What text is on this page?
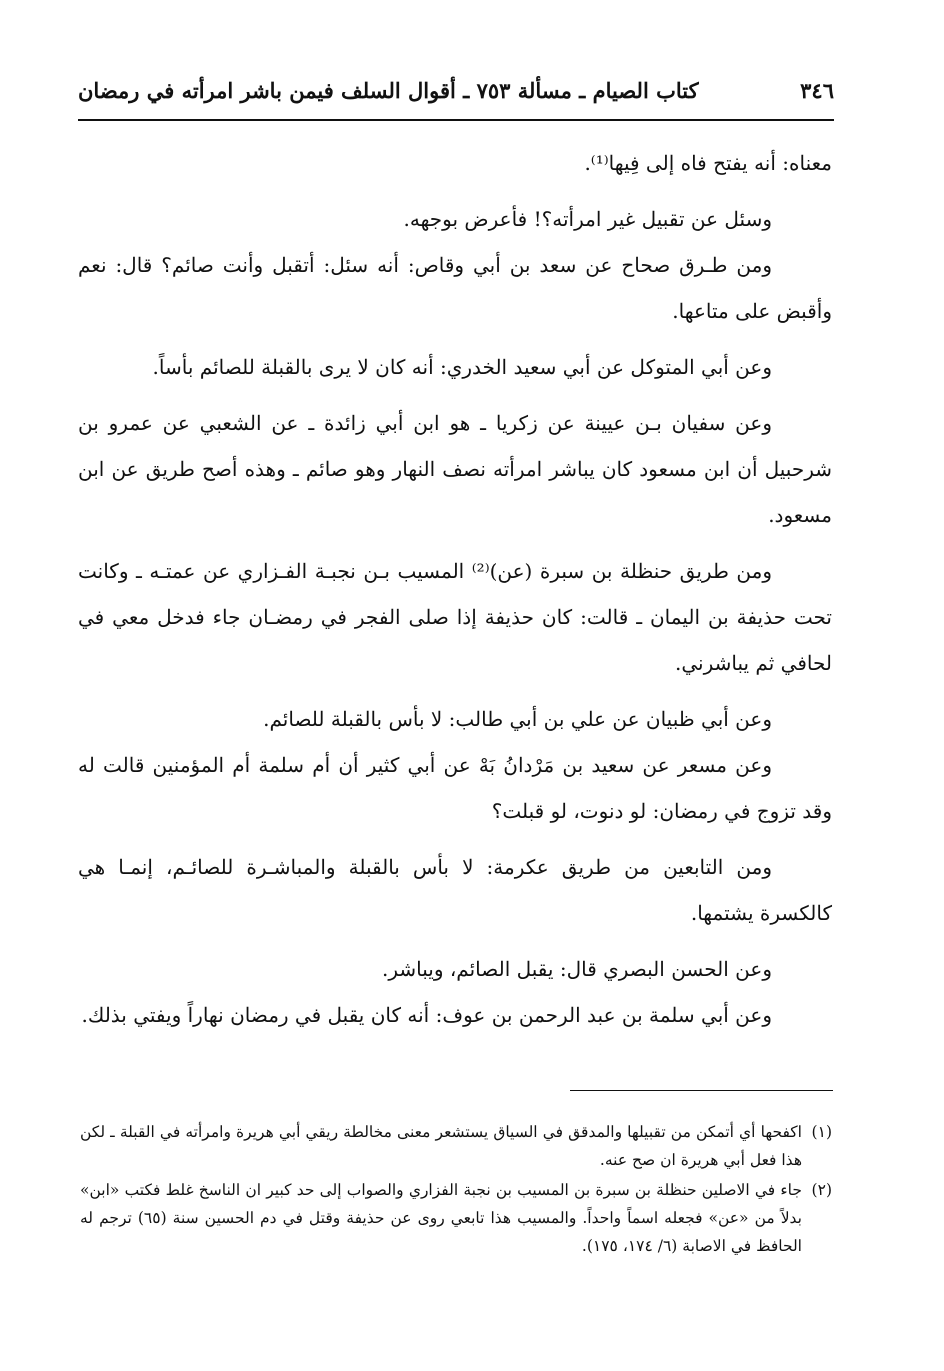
٣٤٦
كتاب الصيام ـ مسألة ٧٥٣ ـ أقوال السلف فيمن باشر امرأته في رمضان

معناه: أنه يفتح فاه إلى فِيها⁽¹⁾.

وسئل عن تقبيل غير امرأته؟! فأعرض بوجهه.

ومن طـرق صحاح عن سعد بن أبي وقاص: أنه سئل: أتقبل وأنت صائم؟ قال: نعم وأقبض على متاعها.

وعن أبي المتوكل عن أبي سعيد الخدري: أنه كان لا يرى بالقبلة للصائم بأساً.

وعن سفيان بـن عيينة عن زكريا ـ هو ابن أبي زائدة ـ عن الشعبي عن عمرو بن شرحبيل أن ابن مسعود كان يباشر امرأته نصف النهار وهو صائم ـ وهذه أصح طريق عن ابن مسعود.

ومن طريق حنظلة بن سبرة (عن)⁽²⁾ المسيب بـن نجبـة الفـزاري عن عمتـه ـ وكانت تحت حذيفة بن اليمان ـ قالت: كان حذيفة إذا صلى الفجر في رمضـان جاء فدخل معي في لحافي ثم يباشرني.

وعن أبي ظبيان عن علي بن أبي طالب: لا بأس بالقبلة للصائم.

وعن مسعر عن سعيد بن مَرْدانُ بَهْ عن أبي كثير أن أم سلمة أم المؤمنين قالت له وقد تزوج في رمضان: لو دنوت، لو قبلت؟

ومن التابعين من طريق عكرمة: لا بأس بالقبلة والمباشـرة للصائـم، إنمـا هي كالكسرة يشتمها.

وعن الحسن البصري قال: يقبل الصائم، ويباشر.

وعن أبي سلمة بن عبد الرحمن بن عوف: أنه كان يقبل في رمضان نهاراً ويفتي بذلك.

(١)
اكفحها أي أتمكن من تقبيلها والمدقق في السياق يستشعر معنى مخالطة ريقي أبي هريرة وامرأته في القبلة ـ لكن هذا فعل أبي هريرة ان صح عنه.

(٢)
جاء في الاصلين حنظلة بن سبرة بن المسيب بن نجبة الفزاري والصواب إلى حد كبير ان الناسخ غلط فكتب «ابن» بدلاً من «عن» فجعله اسماً واحداً. والمسيب هذا تابعي روى عن حذيفة وقتل في دم الحسين سنة (٦٥) ترجم له الحافظ في الاصابة (٦/ ١٧٤، ١٧٥).
